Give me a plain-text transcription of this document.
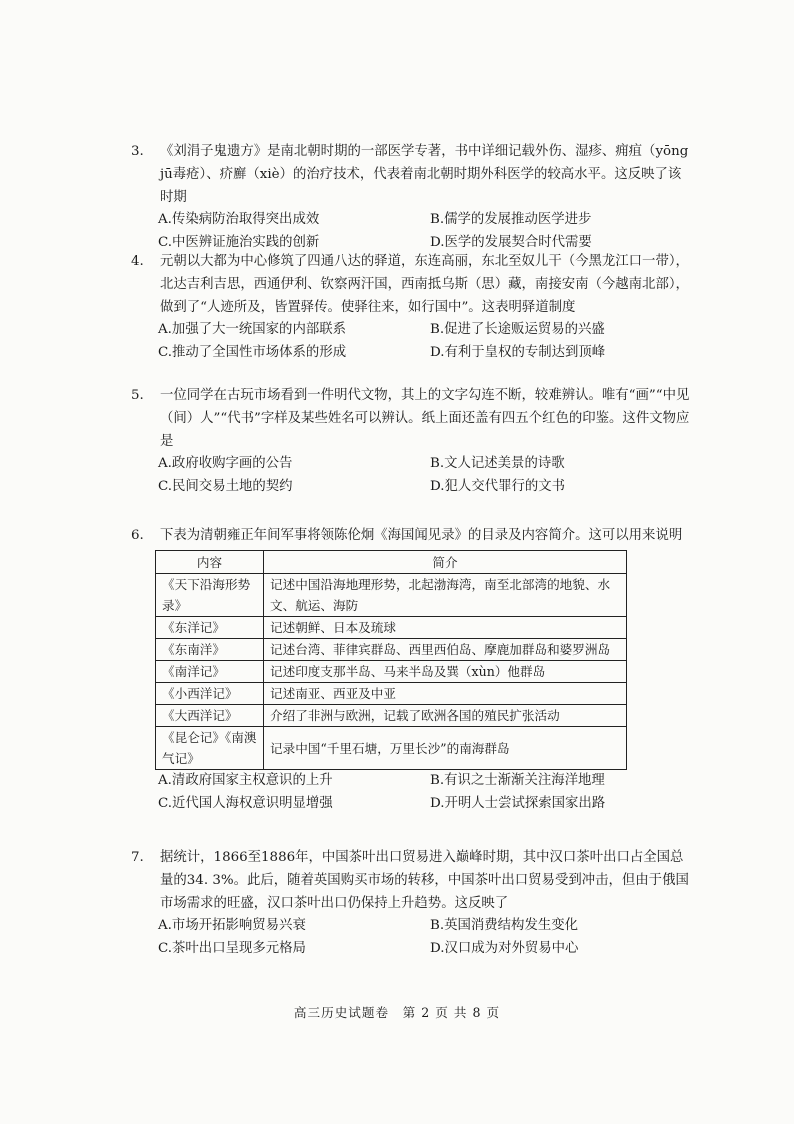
3.	《刘涓子鬼遗方》是南北朝时期的一部医学专著，书中详细记载外伤、湿疹、痈疽（yōng jū毒疮）、疥廯（xiè）的治疗技术，代表着南北朝时期外科医学的较高水平。这反映了该时期
A.传染病防治取得突出成效	B.儒学的发展推动医学进步
C.中医辨证施治实践的创新	D.医学的发展契合时代需要
4.	元朝以大都为中心修筑了四通八达的驿道，东连高丽，东北至奴儿干（今黑龙江口一带），北达吉利吉思，西通伊利、钦察两汗国，西南抵乌斯（思）藏，南接安南（今越南北部），做到了“人迹所及，皆置驿传。使驿往来，如行国中”。这表明驿道制度
A.加强了大一统国家的内部联系	B.促进了长途贩运贸易的兴盛
C.推动了全国性市场体系的形成	D.有利于皇权的专制达到顶峰
5.	一位同学在古玩市场看到一件明代文物，其上的文字勾连不断，较难辨认。唯有“画”“中见（间）人”“代书”字样及某些姓名可以辨认。纸上面还盖有四五个红色的印鉴。这件文物应是
A.政府收购字画的公告	B.文人记述美景的诗歌
C.民间交易土地的契约	D.犯人交代罪行的文书
6.	下表为清朝雍正年间军事将领陈伦炯《海国闻见录》的目录及内容简介。这可以用来说明
内容	简介
《天下沿海形势录》	记述中国沿海地理形势，北起渤海湾，南至北部湾的地貌、水文、航运、海防
《东洋记》	记述朝鲜、日本及琉球
《东南洋》	记述台湾、菲律宾群岛、西里西伯岛、摩鹿加群岛和婆罗洲岛
《南洋记》	记述印度支那半岛、马来半岛及巽（xùn）他群岛
《小西洋记》	记述南亚、西亚及中亚
《大西洋记》	介绍了非洲与欧洲，记载了欧洲各国的殖民扩张活动
《昆仑记》《南澳气记》	记录中国“千里石塘，万里长沙”的南海群岛
A.清政府国家主权意识的上升	B.有识之士渐渐关注海洋地理
C.近代国人海权意识明显增强	D.开明人士尝试探索国家出路
7.	据统计，1866至1886年，中国茶叶出口贸易进入巅峰时期，其中汉口茶叶出口占全国总量的34. 3%。此后，随着英国购买市场的转移，中国茶叶出口贸易受到冲击，但由于俄国市场需求的旺盛，汉口茶叶出口仍保持上升趋势。这反映了
A.市场开拓影响贸易兴衰	B.英国消费结构发生变化
C.茶叶出口呈现多元格局	D.汉口成为对外贸易中心
高三历史试题卷　第 2 页 共 8 页
